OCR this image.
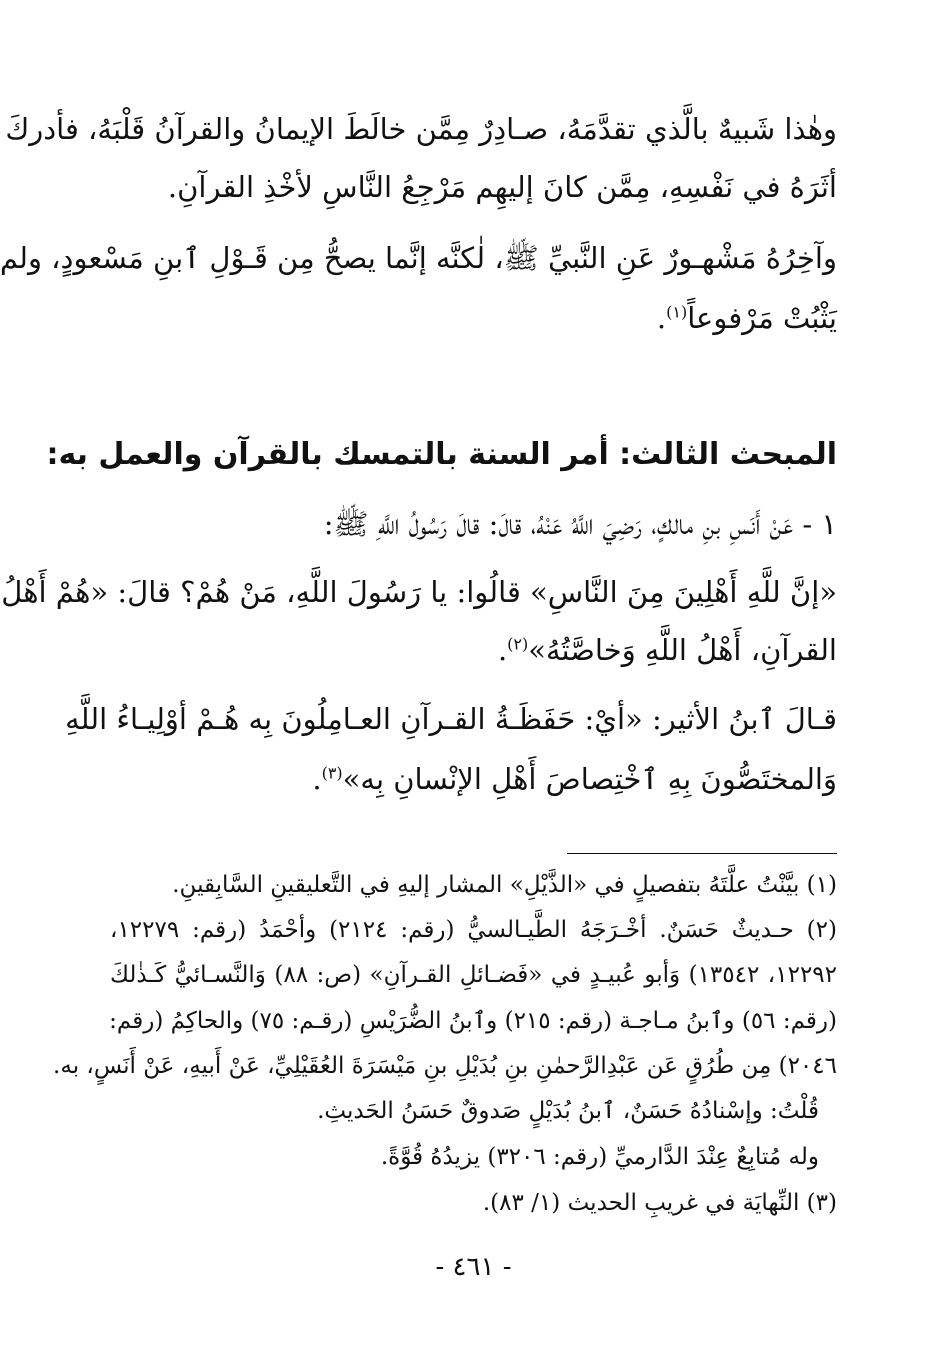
وهٰذا شَبيهٌ بالَّذي تقدَّمَهُ، صـادِرٌ مِمَّن خالَطَ الإيمانُ والقرآنُ قَلْبَهُ، فأدركَ
أثَرَهُ في نَفْسِهِ، مِمَّن كانَ إليهِم مَرْجِعُ النَّاسِ لأخْذِ القرآنِ.
وآخِرُهُ مَشْهـورٌ عَنِ النَّبيِّ ﷺ، لٰكنَّه إنَّما يصحُّ مِن قَـوْلِ ٱبنِ مَسْعودٍ، ولم
يَثْبُتْ مَرْفوعاً$^{(١)}$.
المبحث الثالث: أمر السنة بالتمسك بالقرآن والعمل به:
١ - عَنْ أَنَسِ بنِ مالكٍ، رَضِيَ اللَّهُ عَنْهُ، قالَ: قالَ رَسُولُ اللَّهِ ﷺ:
«إنَّ للَّهِ أَهْلِينَ مِنَ النَّاسِ» قالُوا: يا رَسُولَ اللَّهِ، مَنْ هُمْ؟ قالَ: «هُمْ أَهْلُ
القرآنِ، أَهْلُ اللَّهِ وَخاصَّتُهُ»$^{(٢)}$.
قـالَ ٱبنُ الأثير: «أيْ: حَفَظَـةُ القـرآنِ العـامِلُونَ بِه هُـمْ أوْلِيـاءُ اللَّهِ
وَالمختَصُّونَ بِهِ ٱخْتِصاصَ أَهْلِ الإنْسانِ بِه»$^{(٣)}$.
(١) بيَّنْتُ علَّتَهُ بتفصيلٍ في «الذَّيْلِ» المشار إليهِ في التَّعليقينِ السَّابِقينِ.
(٢) حـديثٌ حَسَنٌ. أخْـرَجَهُ الطَّيـالسيُّ (رقم: ٢١٢٤) وأحْمَدُ (رقم: ١٢٢٧٩،
١٢٢٩٢، ١٣٥٤٢) وَأبو عُبيـدٍ في «فَضـائلِ القـرآنِ» (ص: ٨٨) وَالنَّسـائيُّ كَـذٰلكَ
(رقم: ٥٦) وٱبنُ مـاجـة (رقم: ٢١٥) وٱبنُ الضُّرَيْسِ (رقـم: ٧٥) والحاكِمُ (رقم:
٢٠٤٦) مِن طُرُقٍ عَن عَبْدِالرَّحمٰنِ بنِ بُدَيْلِ بنِ مَيْسَرَةَ العُقَيْلِيِّ، عَنْ أَبيهِ، عَنْ أَنَسٍ، به.
قُلْتُ: وإسْنادُهُ حَسَنٌ، ٱبنُ بُدَيْلٍ صَدوقٌ حَسَنُ الحَديثِ.
وله مُتابِعٌ عِنْدَ الدَّارميِّ (رقم: ٣٢٠٦) يزيدُهُ قُوَّةً.
(٣) النِّهايَة في غريبِ الحديث (١/ ٨٣).
- ٤٦١ -
